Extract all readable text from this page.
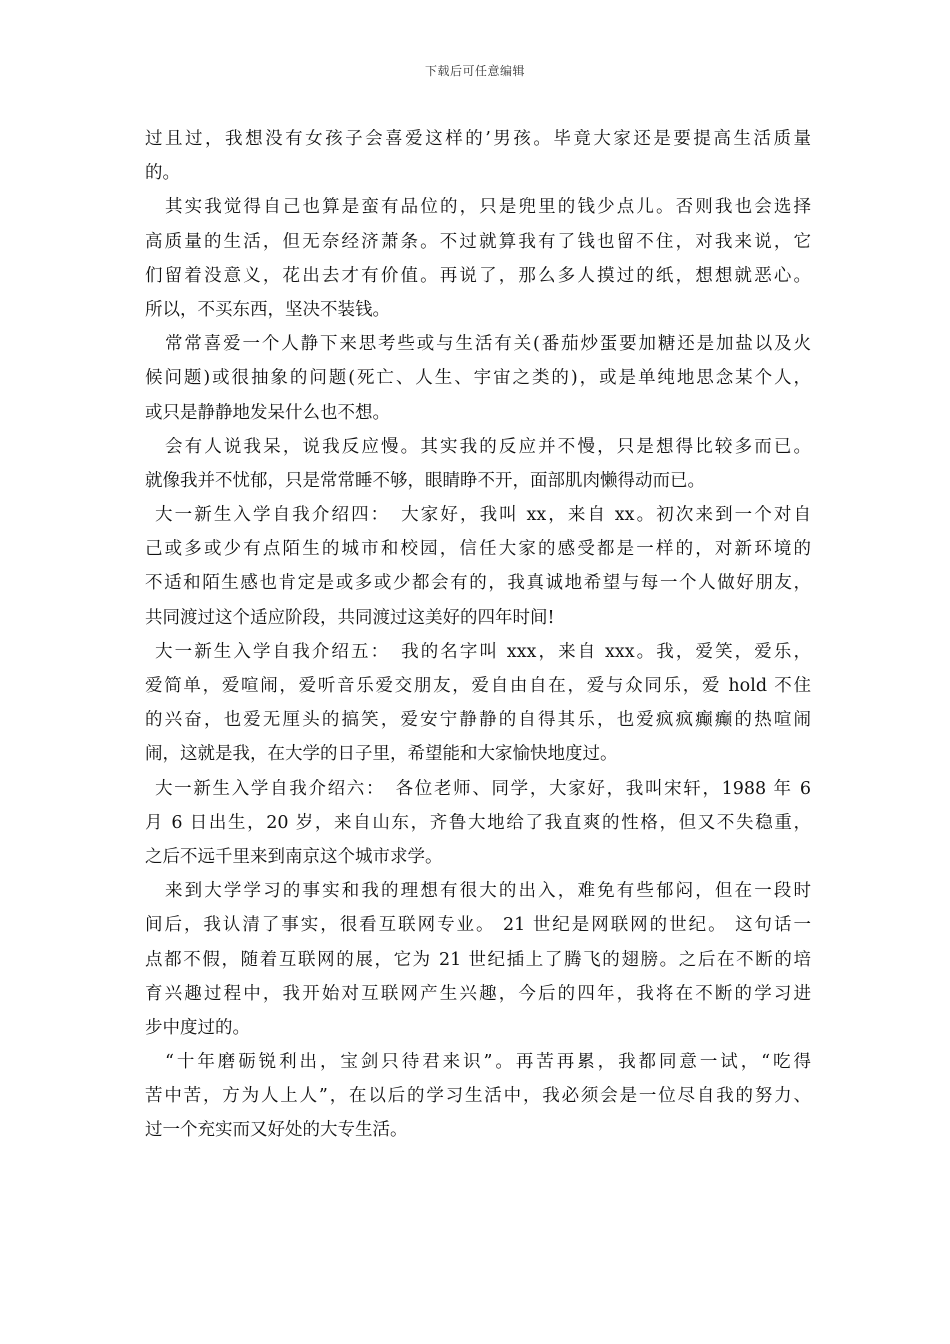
下载后可任意编辑
过且过，我想没有女孩子会喜爱这样的’男孩。毕竟大家还是要提高生活质量
的。
其实我觉得自己也算是蛮有品位的，只是兜里的钱少点儿。否则我也会选择
高质量的生活，但无奈经济萧条。不过就算我有了钱也留不住，对我来说，它
们留着没意义，花出去才有价值。再说了，那么多人摸过的纸，想想就恶心。
所以，不买东西，坚决不装钱。
常常喜爱一个人静下来思考些或与生活有关(番茄炒蛋要加糖还是加盐以及火
候问题)或很抽象的问题(死亡、人生、宇宙之类的)，或是单纯地思念某个人，
或只是静静地发呆什么也不想。
会有人说我呆，说我反应慢。其实我的反应并不慢，只是想得比较多而已。
就像我并不忧郁，只是常常睡不够，眼睛睁不开，面部肌肉懒得动而已。
大一新生入学自我介绍四：　大家好，我叫 xx，来自 xx。初次来到一个对自
己或多或少有点陌生的城市和校园，信任大家的感受都是一样的，对新环境的
不适和陌生感也肯定是或多或少都会有的，我真诚地希望与每一个人做好朋友，
共同渡过这个适应阶段，共同渡过这美好的四年时间!
大一新生入学自我介绍五：　我的名字叫 xxx，来自 xxx。我，爱笑，爱乐，
爱简单，爱喧闹，爱听音乐爱交朋友，爱自由自在，爱与众同乐，爱 hold 不住
的兴奋，也爱无厘头的搞笑，爱安宁静静的自得其乐，也爱疯疯癫癫的热喧闹
闹，这就是我，在大学的日子里，希望能和大家愉快地度过。
大一新生入学自我介绍六：　各位老师、同学，大家好，我叫宋轩，1988 年 6
月 6 日出生，20 岁，来自山东，齐鲁大地给了我直爽的性格，但又不失稳重，
之后不远千里来到南京这个城市求学。
来到大学学习的事实和我的理想有很大的出入，难免有些郁闷，但在一段时
间后，我认清了事实，很看互联网专业。 21 世纪是网联网的世纪。 这句话一
点都不假，随着互联网的展，它为 21 世纪插上了腾飞的翅膀。之后在不断的培
育兴趣过程中，我开始对互联网产生兴趣，今后的四年，我将在不断的学习进
步中度过的。
“十年磨砺锐利出，宝剑只待君来识”。再苦再累，我都同意一试，“吃得
苦中苦，方为人上人”，在以后的学习生活中，我必须会是一位尽自我的努力、
过一个充实而又好处的大专生活。
